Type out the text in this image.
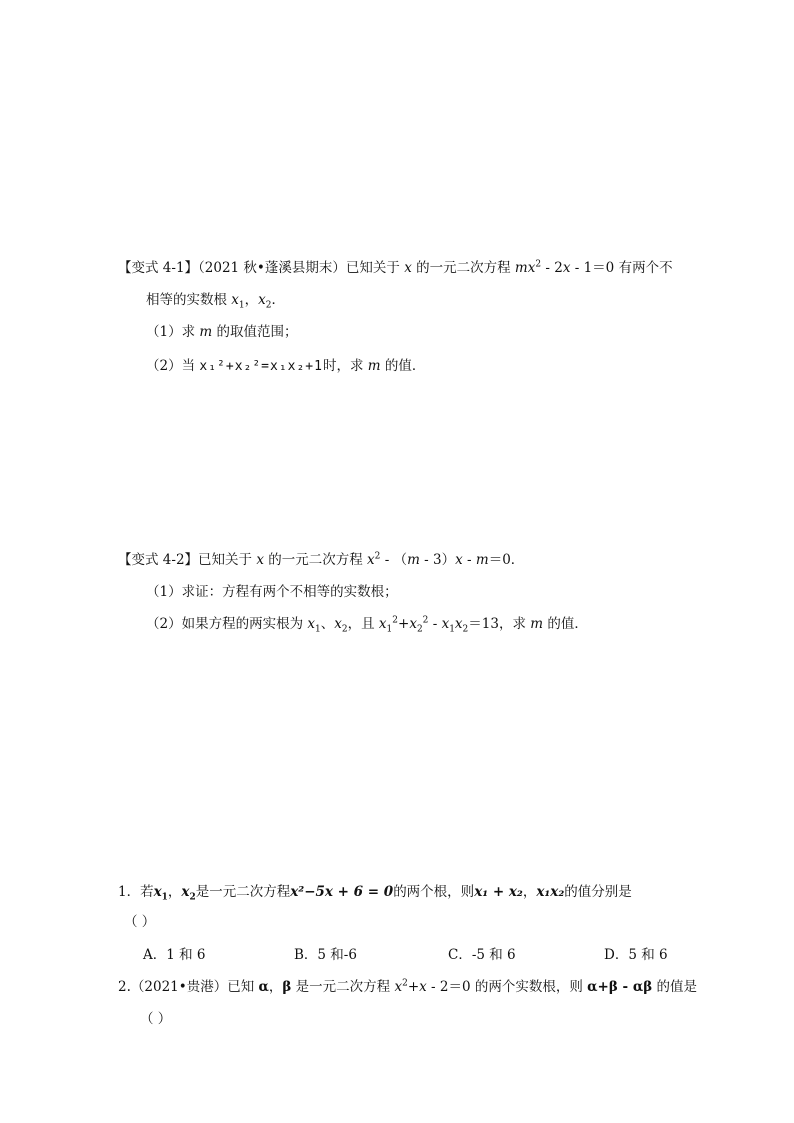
【变式 4-1】（2021 秋•蓬溪县期末）已知关于 x 的一元二次方程 $mx^2 - 2x - 1=0$ 有两个不
相等的实数根 $x_1$，$x_2$．
（1）求 m 的取值范围；
（2）当 x₁²+x₂²=x₁x₂+1时，求 m 的值．
【变式 4-2】已知关于 x 的一元二次方程 $x^2 - (m - 3)x - m=0$．
（1）求证：方程有两个不相等的实数根；
（2）如果方程的两实根为 $x_1$、$x_2$，且 $x_1^2+x_2^2 - x_1x_2=13$，求 m 的值．
1．若$x_1$，$x_2$是一元二次方程x²−5x + 6 = 0的两个根，则x₁ + x₂，x₁x₂的值分别是
（ ）
A．1 和 6	B．5 和-6	C．-5 和 6	D．5 和 6
2.（2021•贵港）已知 α，β 是一元二次方程 $x^2+x - 2=0$ 的两个实数根，则 α+β - αβ 的值是
（ ）
